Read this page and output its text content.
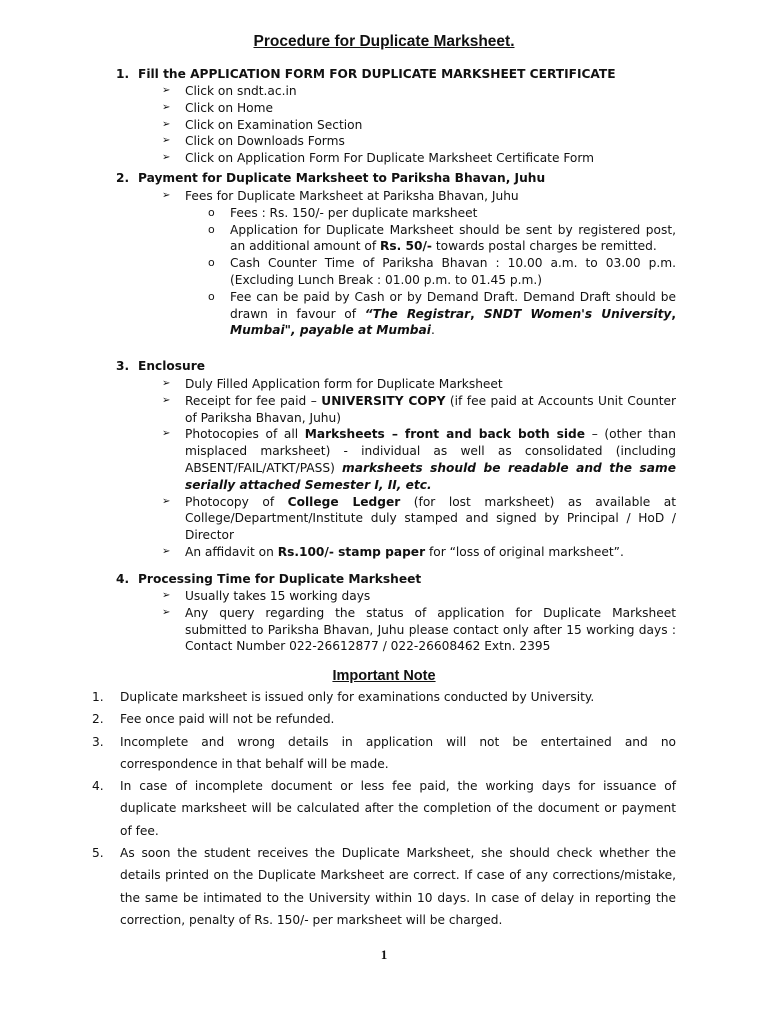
Procedure for Duplicate Marksheet.
1. Fill the APPLICATION FORM FOR DUPLICATE MARKSHEET CERTIFICATE
➢ Click on sndt.ac.in
➢ Click on Home
➢ Click on Examination Section
➢ Click on Downloads Forms
➢ Click on Application Form For Duplicate Marksheet Certificate Form
2. Payment for Duplicate Marksheet to Pariksha Bhavan, Juhu
➢ Fees for Duplicate Marksheet at Pariksha Bhavan, Juhu
o Fees : Rs. 150/- per duplicate marksheet
o Application for Duplicate Marksheet should be sent by registered post, an additional amount of Rs. 50/- towards postal charges be remitted.
o Cash Counter Time of Pariksha Bhavan : 10.00 a.m. to 03.00 p.m. (Excluding Lunch Break : 01.00 p.m. to 01.45 p.m.)
o Fee can be paid by Cash or by Demand Draft. Demand Draft should be drawn in favour of “The Registrar, SNDT Women's University, Mumbai", payable at Mumbai.
3. Enclosure
➢ Duly Filled Application form for Duplicate Marksheet
➢ Receipt for fee paid – UNIVERSITY COPY (if fee paid at Accounts Unit Counter of Pariksha Bhavan, Juhu)
➢ Photocopies of all Marksheets – front and back both side – (other than misplaced marksheet) - individual as well as consolidated (including ABSENT/FAIL/ATKT/PASS) marksheets should be readable and the same serially attached Semester I, II, etc.
➢ Photocopy of College Ledger (for lost marksheet) as available at College/Department/Institute duly stamped and signed by Principal / HoD / Director
➢ An affidavit on Rs.100/- stamp paper for “loss of original marksheet”.
4. Processing Time for Duplicate Marksheet
➢ Usually takes 15 working days
➢ Any query regarding the status of application for Duplicate Marksheet submitted to Pariksha Bhavan, Juhu please contact only after 15 working days : Contact Number 022-26612877 / 022-26608462 Extn. 2395
Important Note
1. Duplicate marksheet is issued only for examinations conducted by University.
2. Fee once paid will not be refunded.
3. Incomplete and wrong details in application will not be entertained and no correspondence in that behalf will be made.
4. In case of incomplete document or less fee paid, the working days for issuance of duplicate marksheet will be calculated after the completion of the document or payment of fee.
5. As soon the student receives the Duplicate Marksheet, she should check whether the details printed on the Duplicate Marksheet are correct. If case of any corrections/mistake, the same be intimated to the University within 10 days. In case of delay in reporting the correction, penalty of Rs. 150/- per marksheet will be charged.
1
